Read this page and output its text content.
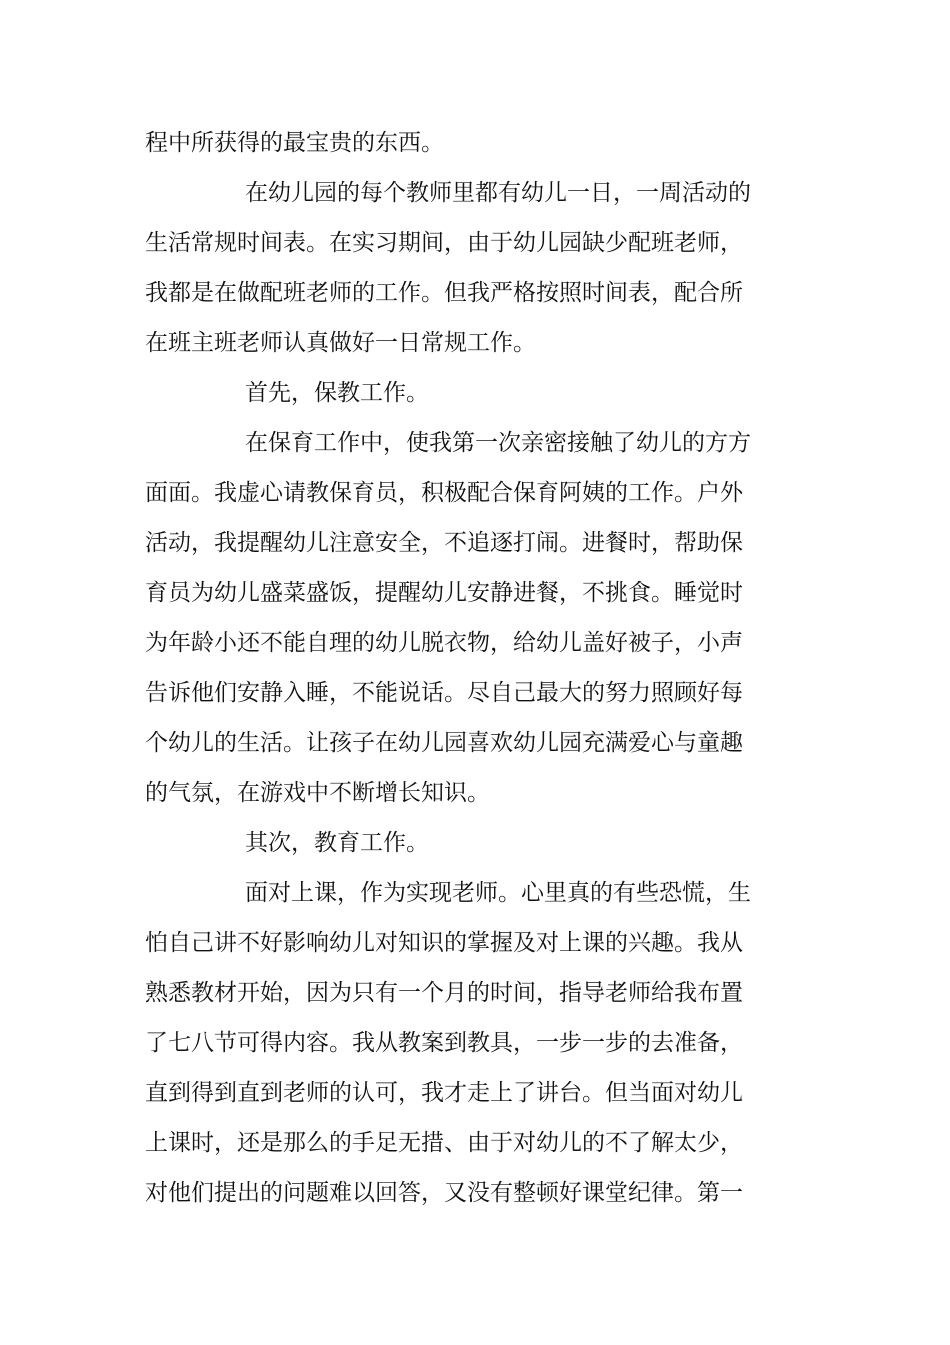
程中所获得的最宝贵的东西。
在幼儿园的每个教师里都有幼儿一日，一周活动的
生活常规时间表。在实习期间，由于幼儿园缺少配班老师，
我都是在做配班老师的工作。但我严格按照时间表，配合所
在班主班老师认真做好一日常规工作。
首先，保教工作。
在保育工作中，使我第一次亲密接触了幼儿的方方
面面。我虚心请教保育员，积极配合保育阿姨的工作。户外
活动，我提醒幼儿注意安全，不追逐打闹。进餐时，帮助保
育员为幼儿盛菜盛饭，提醒幼儿安静进餐，不挑食。睡觉时
为年龄小还不能自理的幼儿脱衣物，给幼儿盖好被子，小声
告诉他们安静入睡，不能说话。尽自己最大的努力照顾好每
个幼儿的生活。让孩子在幼儿园喜欢幼儿园充满爱心与童趣
的气氛，在游戏中不断增长知识。
其次，教育工作。
面对上课，作为实现老师。心里真的有些恐慌，生
怕自己讲不好影响幼儿对知识的掌握及对上课的兴趣。我从
熟悉教材开始，因为只有一个月的时间，指导老师给我布置
了七八节可得内容。我从教案到教具，一步一步的去准备，
直到得到直到老师的认可，我才走上了讲台。但当面对幼儿
上课时，还是那么的手足无措、由于对幼儿的不了解太少，
对他们提出的问题难以回答，又没有整顿好课堂纪律。第一
